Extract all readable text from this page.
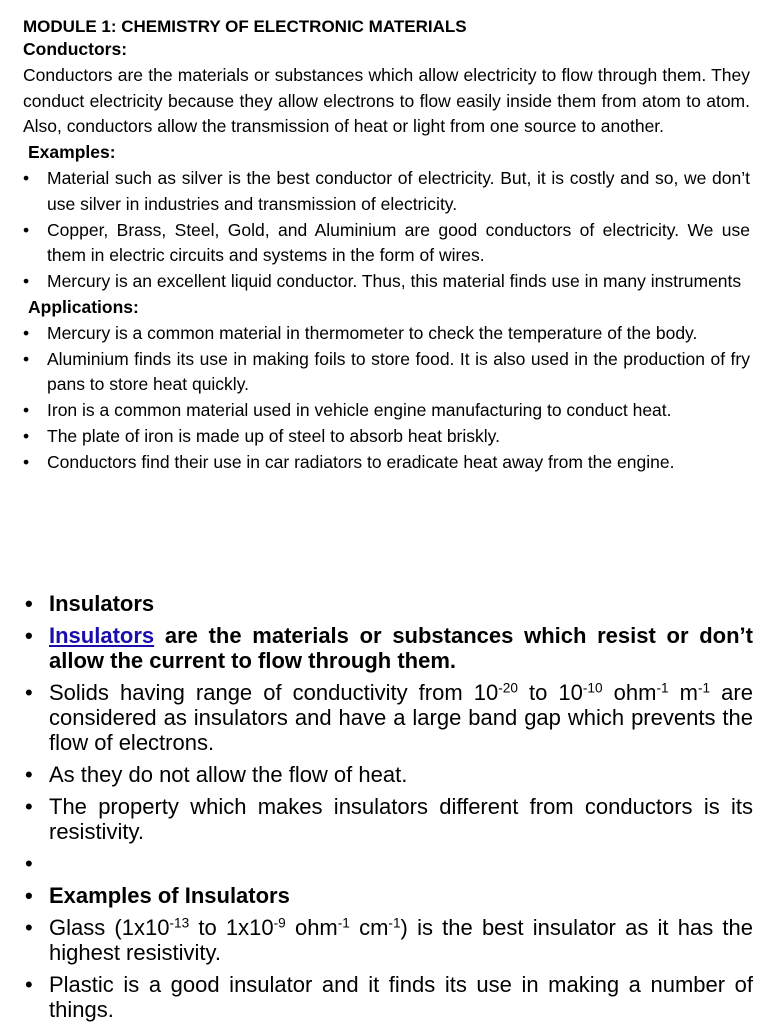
MODULE 1: CHEMISTRY OF ELECTRONIC MATERIALS
Conductors:
Conductors are the materials or substances which allow electricity to flow through them. They conduct electricity because they allow electrons to flow easily inside them from atom to atom. Also, conductors allow the transmission of heat or light from one source to another.
Examples:
• Material such as silver is the best conductor of electricity. But, it is costly and so, we don’t use silver in industries and transmission of electricity.
• Copper, Brass, Steel, Gold, and Aluminium are good conductors of electricity. We use them in electric circuits and systems in the form of wires.
• Mercury is an excellent liquid conductor. Thus, this material finds use in many instruments
Applications:
• Mercury is a common material in thermometer to check the temperature of the body.
• Aluminium finds its use in making foils to store food. It is also used in the production of fry pans to store heat quickly.
• Iron is a common material used in vehicle engine manufacturing to conduct heat.
• The plate of iron is made up of steel to absorb heat briskly.
• Conductors find their use in car radiators to eradicate heat away from the engine.
• Insulators
• Insulators are the materials or substances which resist or don’t allow the current to flow through them.
• Solids having range of conductivity from $10^{-20}$ to $10^{-10}$ ohm$^{-1}$ $m^{-1}$ are considered as insulators and have a large band gap which prevents the flow of electrons.
• As they do not allow the flow of heat.
• The property which makes insulators different from conductors is its resistivity.
•
• Examples of Insulators
• Glass ($1x10^{-13}$ to $1x10^{-9}$ ohm$^{-1}$ $cm^{-1}$) is the best insulator as it has the highest resistivity.
• Plastic is a good insulator and it finds its use in making a number of things.
